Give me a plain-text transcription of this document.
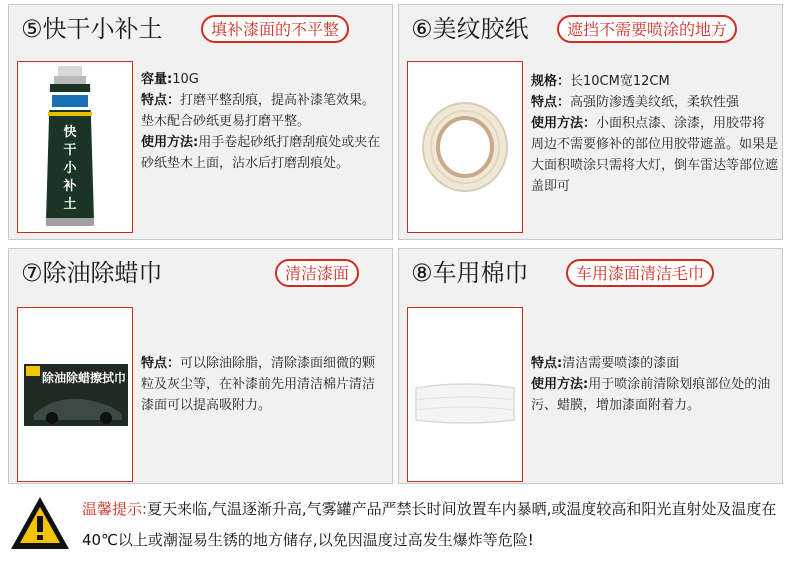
⑤快干小补土	填补漆面的不平整
快
干
小
补
土
容量:10G
特点：打磨平整刮痕，提高补漆笔效果。垫木配合砂纸更易打磨平整。
使用方法:用手卷起砂纸打磨刮痕处或夹在砂纸垫木上面，沾水后打磨刮痕处。
⑥美纹胶纸	遮挡不需要喷涂的地方
规格：长10CM宽12CM
特点：高强防渗透美纹纸，柔软性强
使用方法：小面积点漆、涂漆，用胶带将周边不需要修补的部位用胶带遮盖。如果是大面积喷涂只需将大灯，倒车雷达等部位遮盖即可
⑦除油除蜡巾	清洁漆面
除油除蜡擦拭巾
特点：可以除油除脂，清除漆面细微的颗粒及灰尘等，在补漆前先用清洁棉片清洁漆面可以提高吸附力。
⑧车用棉巾	车用漆面清洁毛巾
特点:清洁需要喷漆的漆面
使用方法:用于喷涂前清除划痕部位处的油污、蜡膜，增加漆面附着力。
温馨提示:夏天来临,气温逐渐升高,气雾罐产品严禁长时间放置车内暴晒,或温度较高和阳光直射处及温度在40℃以上或潮湿易生锈的地方储存,以免因温度过高发生爆炸等危险!
